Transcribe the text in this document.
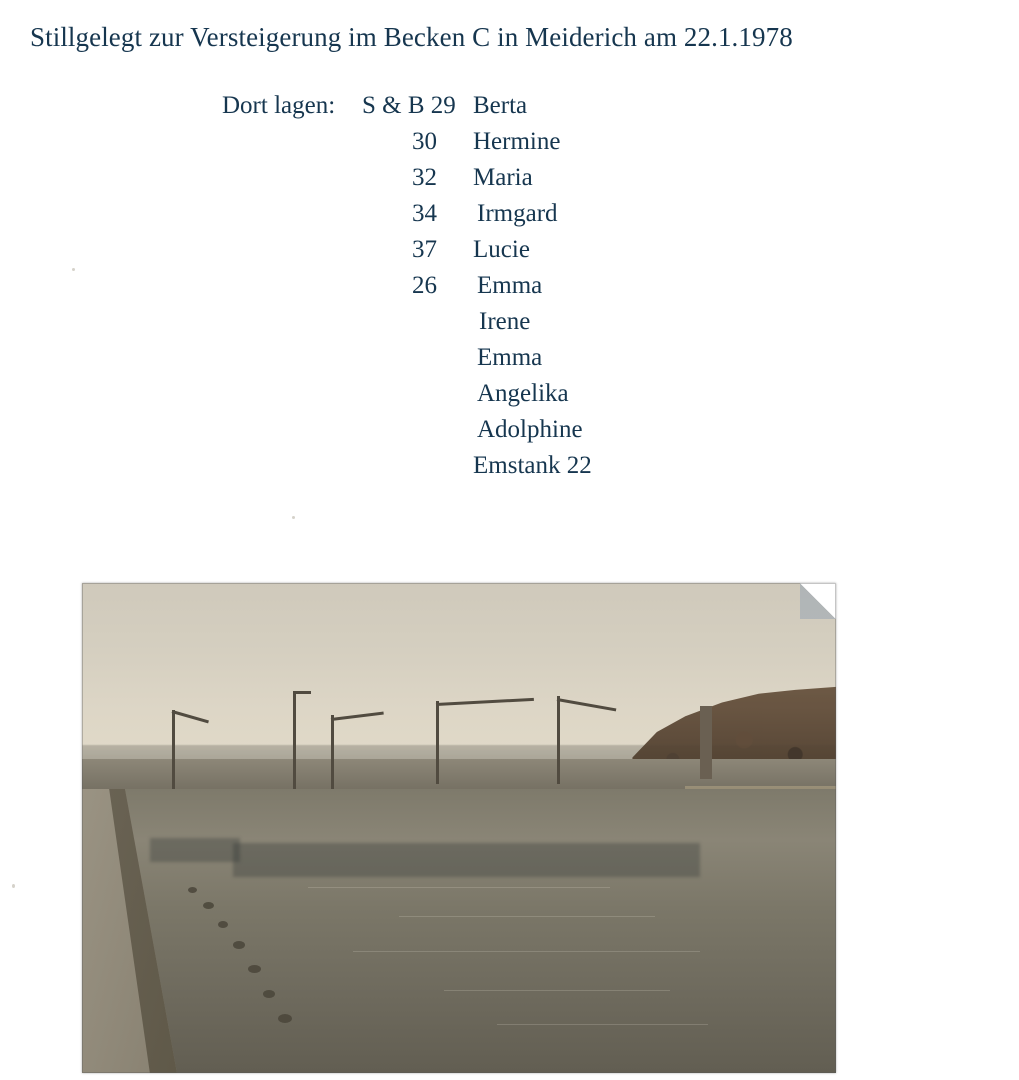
Stillgelegt zur Versteigerung im Becken C in Meiderich am 22.1.1978
Dort lagen:	S & B 29 Berta
30	Hermine
32	Maria
34	Irmgard
37	Lucie
26	Emma
Irene
Emma
Angelika
Adolphine
Emstank 22
